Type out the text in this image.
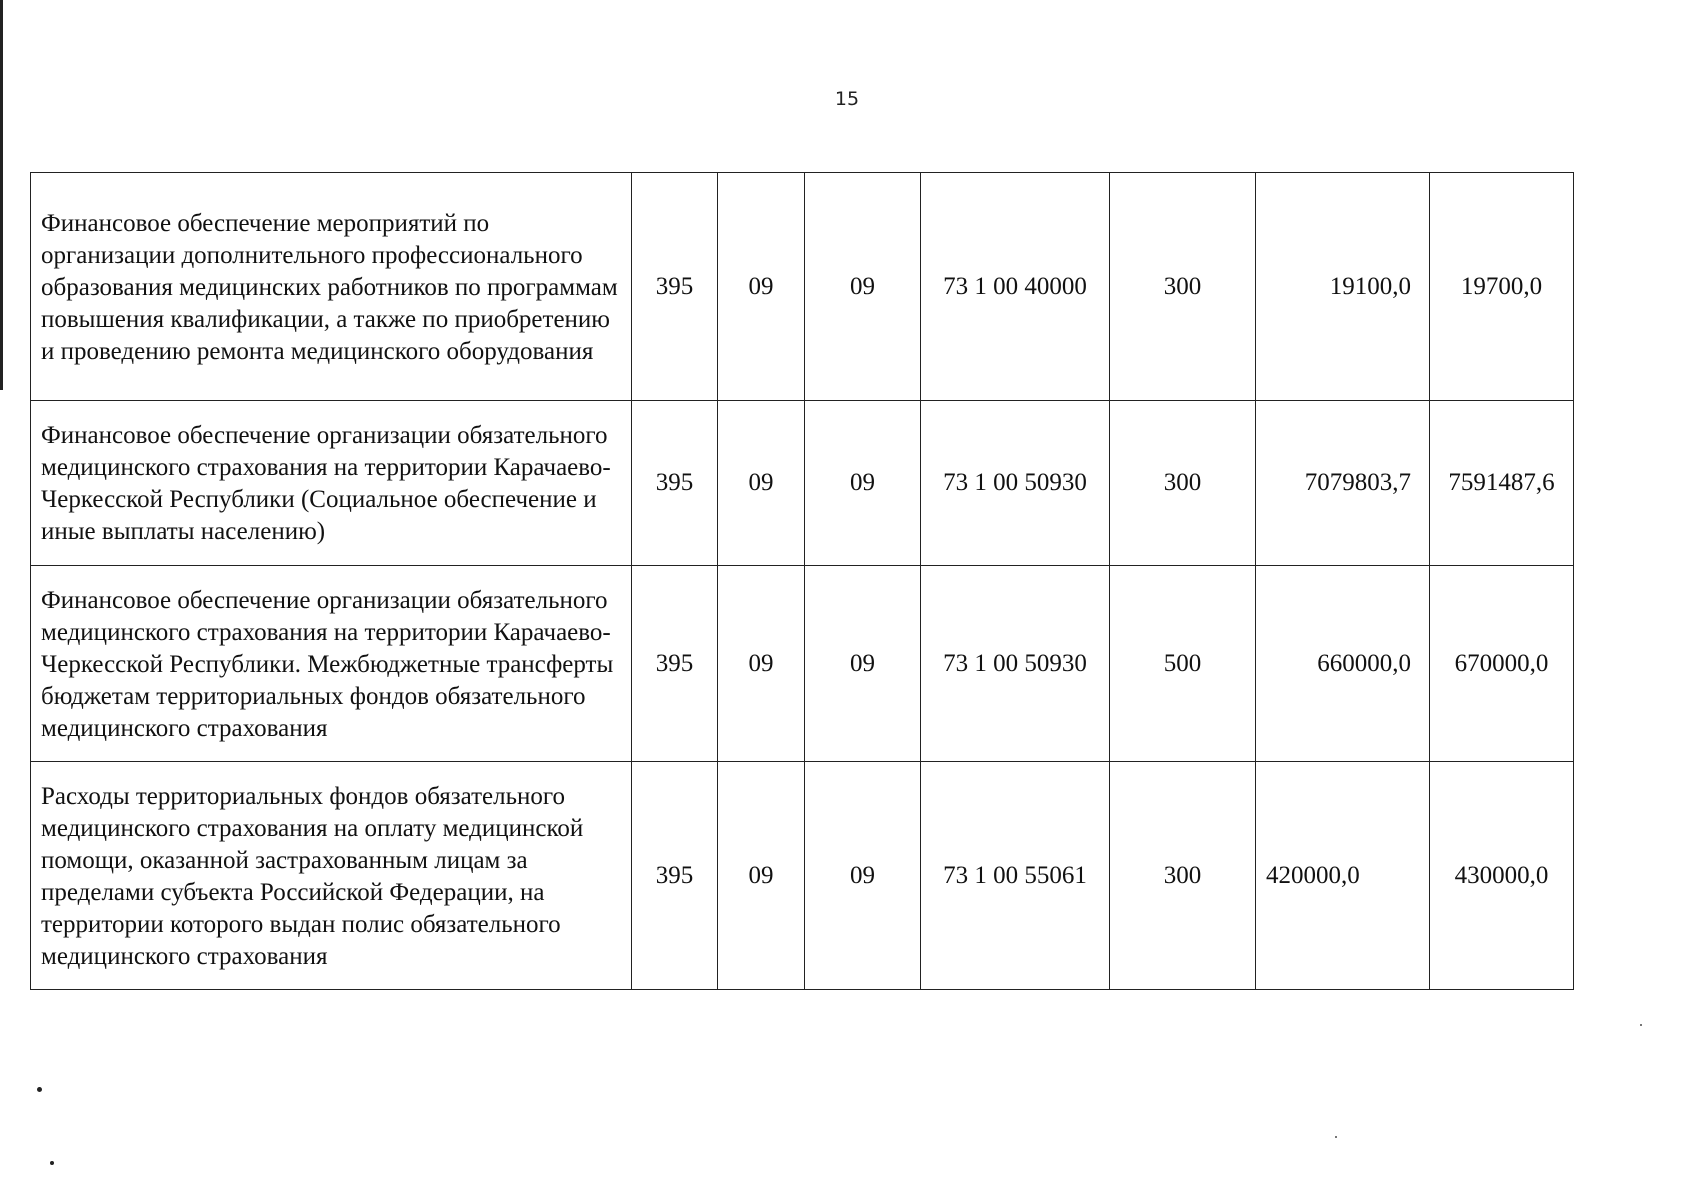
15
Финансовое обеспечение мероприятий по организации дополнительного профессионального образования медицинских работников по программам повышения квалификации, а также по приобретению и проведению ремонта медицинского оборудования	395	09	09	73 1 00 40000	300	19100,0	19700,0
Финансовое обеспечение организации обязательного медицинского страхования на территории Карачаево-Черкесской Республики (Социальное обеспечение и иные выплаты населению)	395	09	09	73 1 00 50930	300	7079803,7	7591487,6
Финансовое обеспечение организации обязательного медицинского страхования на территории Карачаево-Черкесской Республики. Межбюджетные трансферты бюджетам территориальных фондов обязательного медицинского страхования	395	09	09	73 1 00 50930	500	660000,0	670000,0
Расходы территориальных фондов обязательного медицинского страхования на оплату медицинской помощи, оказанной застрахованным лицам за пределами субъекта Российской Федерации, на территории которого выдан полис обязательного медицинского страхования	395	09	09	73 1 00 55061	300	420000,0	430000,0
